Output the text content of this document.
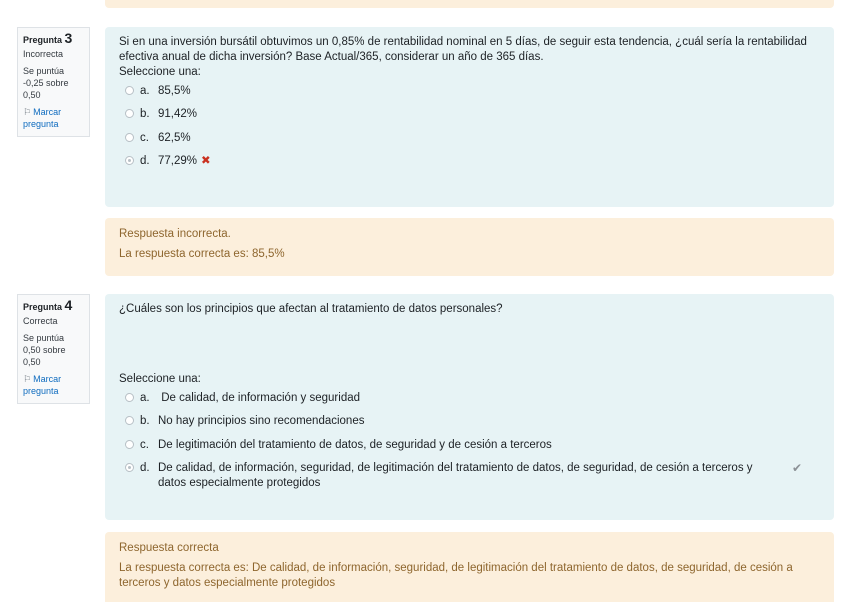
Pregunta 3
Incorrecta
Se puntúa -0,25 sobre 0,50
⚐ Marcar pregunta

Si en una inversión bursátil obtuvimos un 0,85% de rentabilidad nominal en 5 días, de seguir esta tendencia, ¿cuál sería la rentabilidad efectiva anual de dicha inversión? Base Actual/365, considerar un año de 365 días.

Seleccione una:

a. 85,5%
b. 91,42%
c. 62,5%
d. 77,29% ✖

Respuesta incorrecta.

La respuesta correcta es: 85,5%

Pregunta 4
Correcta
Se puntúa 0,50 sobre 0,50
⚐ Marcar pregunta

¿Cuáles son los principios que afectan al tratamiento de datos personales?

Seleccione una:

a. De calidad, de información y seguridad
b. No hay principios sino recomendaciones
c. De legitimación del tratamiento de datos, de seguridad y de cesión a terceros
d. De calidad, de información, seguridad, de legitimación del tratamiento de datos, de seguridad, de cesión a terceros y datos especialmente protegidos
✔

Respuesta correcta

La respuesta correcta es: De calidad, de información, seguridad, de legitimación del tratamiento de datos, de seguridad, de cesión a terceros y datos especialmente protegidos
